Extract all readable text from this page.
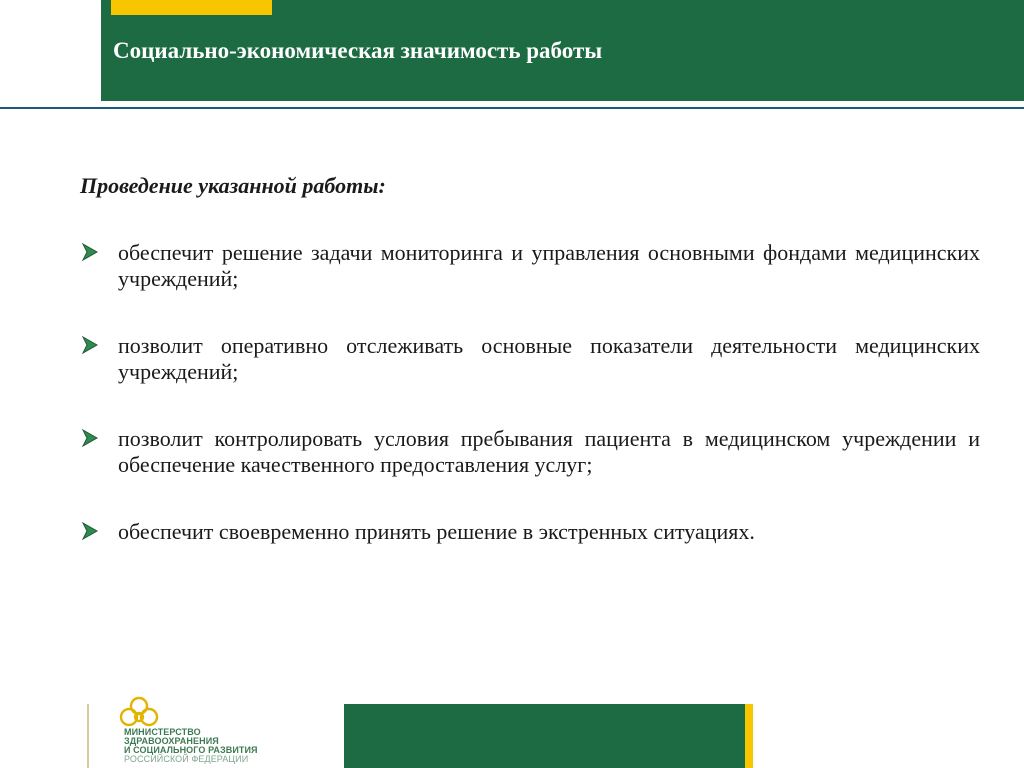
Социально-экономическая значимость работы
Проведение указанной работы:
обеспечит решение задачи мониторинга и управления основными фондами медицинских учреждений;
позволит оперативно отслеживать основные показатели деятельности медицинских учреждений;
позволит контролировать условия пребывания пациента в медицинском учреждении и обеспечение качественного предоставления услуг;
обеспечит своевременно принять решение в экстренных ситуациях.
МИНИСТЕРСТВО
ЗДРАВООХРАНЕНИЯ
И СОЦИАЛЬНОГО РАЗВИТИЯ
РОССИЙСКОЙ ФЕДЕРАЦИИ
